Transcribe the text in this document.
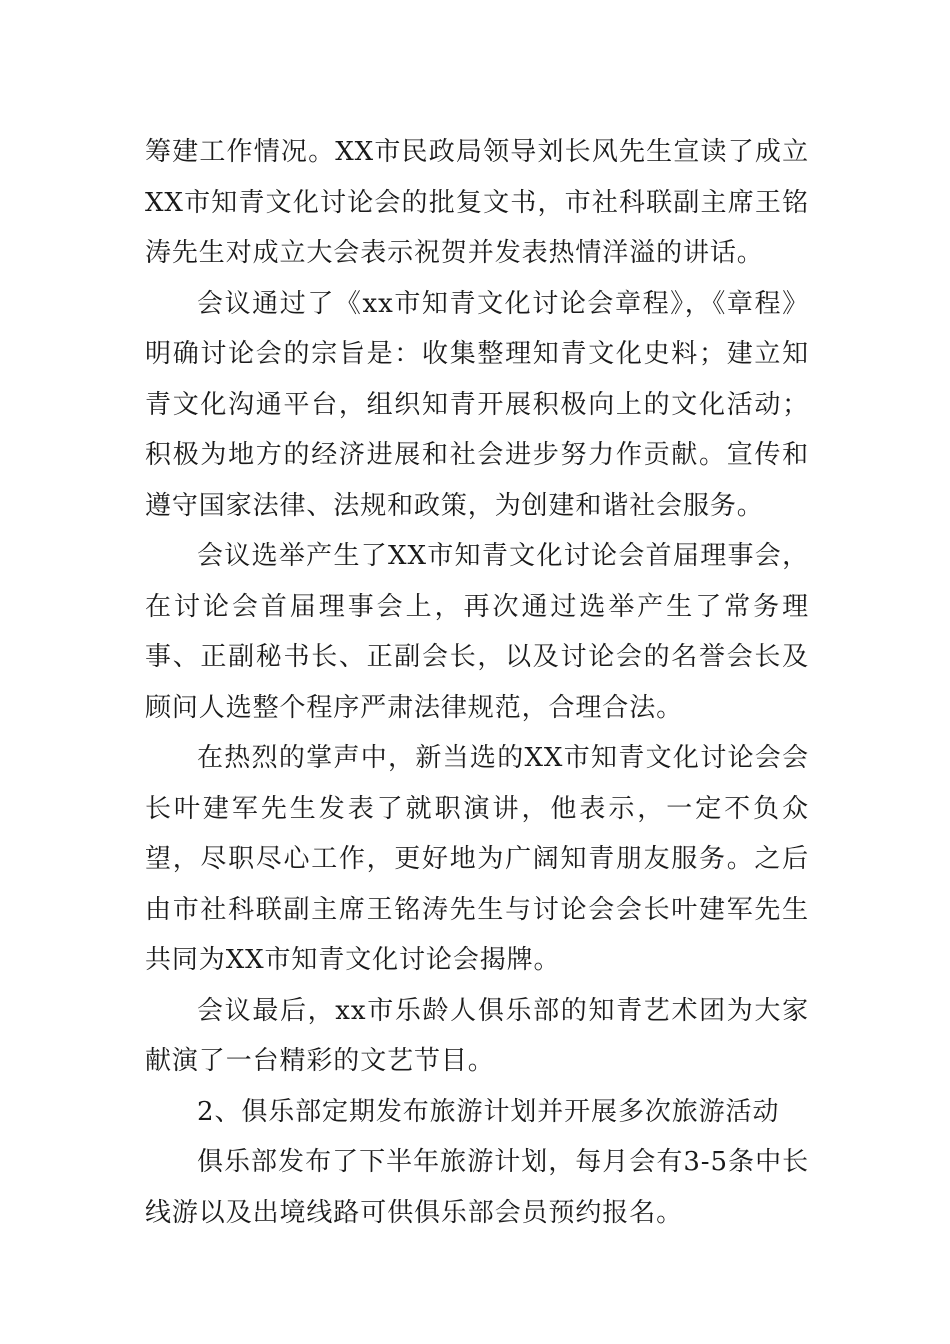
筹建工作情况。XX市民政局领导刘长风先生宣读了成立XX市知青文化讨论会的批复文书，市社科联副主席王铭涛先生对成立大会表示祝贺并发表热情洋溢的讲话。

会议通过了《xx市知青文化讨论会章程》，《章程》明确讨论会的宗旨是：收集整理知青文化史料；建立知青文化沟通平台，组织知青开展积极向上的文化活动；积极为地方的经济进展和社会进步努力作贡献。宣传和遵守国家法律、法规和政策，为创建和谐社会服务。

会议选举产生了XX市知青文化讨论会首届理事会，在讨论会首届理事会上，再次通过选举产生了常务理事、正副秘书长、正副会长，以及讨论会的名誉会长及顾问人选整个程序严肃法律规范，合理合法。

在热烈的掌声中，新当选的XX市知青文化讨论会会长叶建军先生发表了就职演讲，他表示，一定不负众望，尽职尽心工作，更好地为广阔知青朋友服务。之后由市社科联副主席王铭涛先生与讨论会会长叶建军先生共同为XX市知青文化讨论会揭牌。

会议最后，xx市乐龄人俱乐部的知青艺术团为大家献演了一台精彩的文艺节目。

2、俱乐部定期发布旅游计划并开展多次旅游活动

俱乐部发布了下半年旅游计划，每月会有3-5条中长线游以及出境线路可供俱乐部会员预约报名。
